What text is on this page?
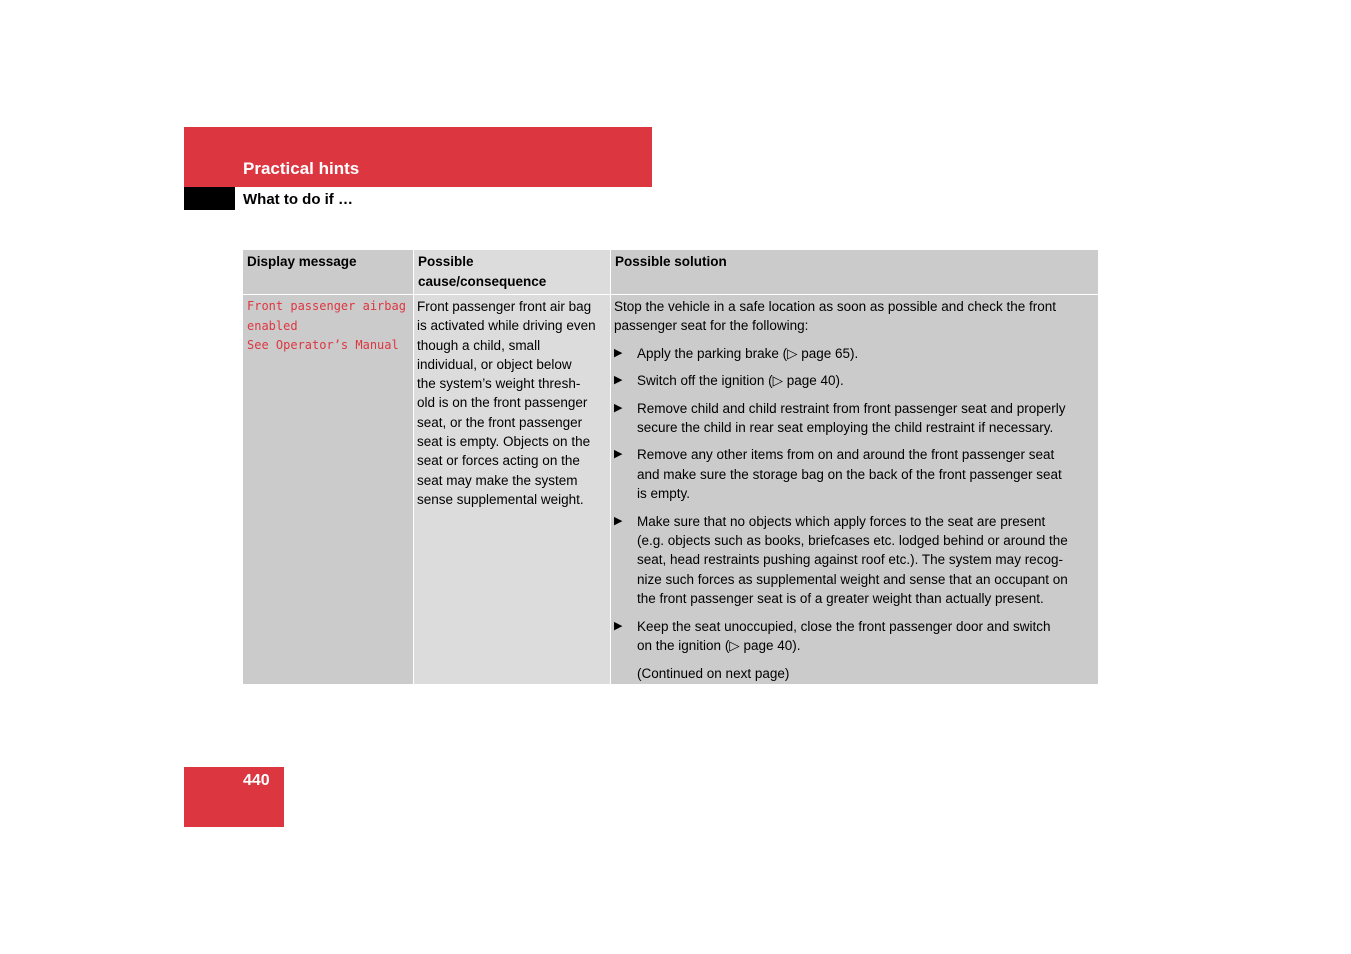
Practical hints
What to do if …
Display message	Possible
cause/consequence
Possible solution
Front passenger airbag
enabled
See Operator’s Manual
Front passenger front air bag
is activated while driving even
though a child, small
individual, or object below
the system’s weight thresh-
old is on the front passenger
seat, or the front passenger
seat is empty. Objects on the
seat or forces acting on the
seat may make the system
sense supplemental weight.
Stop the vehicle in a safe location as soon as possible and check the front
passenger seat for the following:
▶ Apply the parking brake (▷ page 65).
▶ Switch off the ignition (▷ page 40).
▶ Remove child and child restraint from front passenger seat and properly
secure the child in rear seat employing the child restraint if necessary.
▶ Remove any other items from on and around the front passenger seat
and make sure the storage bag on the back of the front passenger seat
is empty.
▶ Make sure that no objects which apply forces to the seat are present
(e.g. objects such as books, briefcases etc. lodged behind or around the
seat, head restraints pushing against roof etc.). The system may recog-
nize such forces as supplemental weight and sense that an occupant on
the front passenger seat is of a greater weight than actually present.
▶ Keep the seat unoccupied, close the front passenger door and switch
on the ignition (▷ page 40).
(Continued on next page)
440
